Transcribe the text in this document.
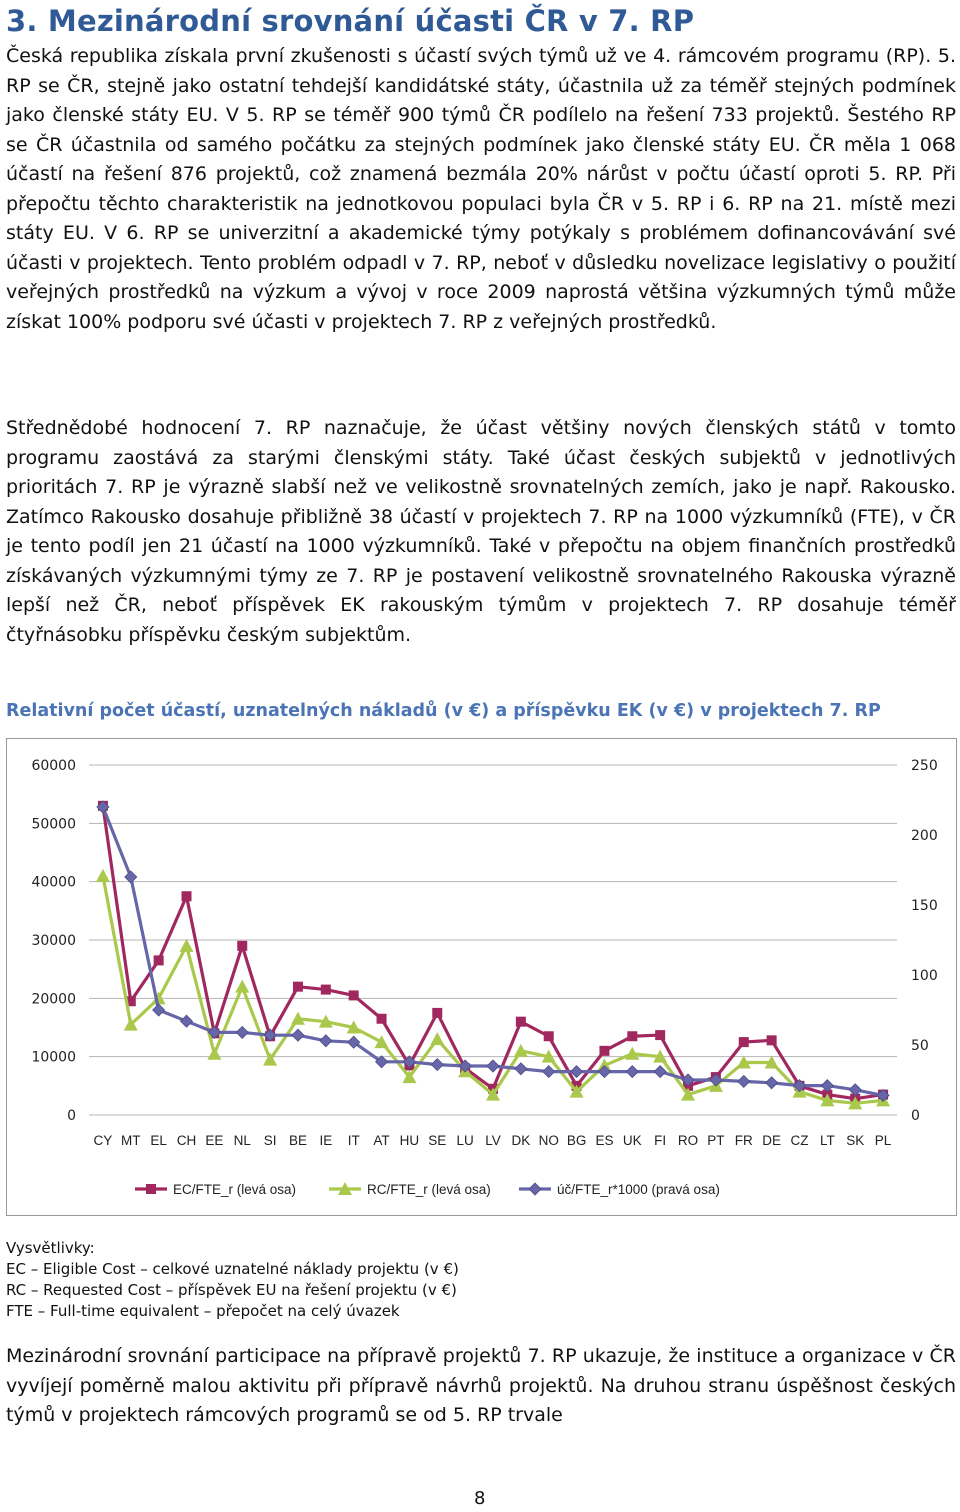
3. Mezinárodní srovnání účasti ČR v 7. RP

Česká republika získala první zkušenosti s účastí svých týmů už ve 4. rámcovém programu (RP). 5. RP se ČR, stejně jako ostatní tehdejší kandidátské státy, účastnila už za téměř stejných podmínek jako členské státy EU. V 5. RP se téměř 900 týmů ČR podílelo na řešení 733 projektů. Šestého RP se ČR účastnila od samého počátku za stejných podmínek jako členské státy EU. ČR měla 1 068 účastí na řešení 876 projektů, což znamená bezmála 20% nárůst v počtu účastí oproti 5. RP. Při přepočtu těchto charakteristik na jednotkovou populaci byla ČR v 5. RP i 6. RP na 21. místě mezi státy EU. V 6. RP se univerzitní a akademické týmy potýkaly s problémem dofinancovávání své účasti v projektech. Tento problém odpadl v 7. RP, neboť v důsledku novelizace legislativy o použití veřejných prostředků na výzkum a vývoj v roce 2009 naprostá většina výzkumných týmů může získat 100% podporu své účasti v projektech 7. RP z veřejných prostředků.

Střednědobé hodnocení 7. RP naznačuje, že účast většiny nových členských států v tomto programu zaostává za starými členskými státy. Také účast českých subjektů v jednotlivých prioritách 7. RP je výrazně slabší než ve velikostně srovnatelných zemích, jako je např. Rakousko. Zatímco Rakousko dosahuje přibližně 38 účastí v projektech 7. RP na 1000 výzkumníků (FTE), v ČR je tento podíl jen 21 účastí na 1000 výzkumníků. Také v přepočtu na objem finančních prostředků získávaných výzkumnými týmy ze 7. RP je postavení velikostně srovnatelného Rakouska výrazně lepší než ČR, neboť příspěvek EK rakouským týmům v projektech 7. RP dosahuje téměř čtyřnásobku příspěvku českým subjektům.

Relativní počet účastí, uznatelných nákladů (v €) a příspěvku EK (v €) v projektech 7. RP
0
10000
20000
30000
40000
50000
60000
0
50
100
150
200
250
CY MT EL CH EE NL SI BE IE IT AT HU SE LU LV DK NO BG ES UK FI RO PT FR DE CZ LT SK PL
EC/FTE_r (levá osa)	RC/FTE_r (levá osa)	úč/FTE_r*1000 (pravá osa)
Vysvětlivky:
EC – Eligible Cost – celkové uznatelné náklady projektu (v €)
RC – Requested Cost – příspěvek EU na řešení projektu (v €)
FTE – Full-time equivalent – přepočet na celý úvazek

Mezinárodní srovnání participace na přípravě projektů 7. RP ukazuje, že instituce a organizace v ČR vyvíjejí poměrně malou aktivitu při přípravě návrhů projektů. Na druhou stranu úspěšnost českých týmů v projektech rámcových programů se od 5. RP trvale

8
